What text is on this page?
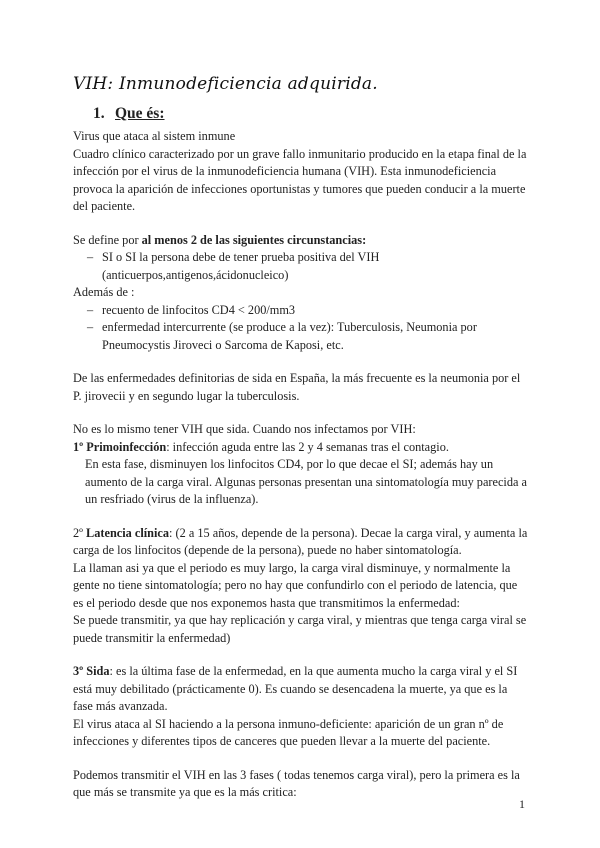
VIH: Inmunodeficiencia adquirida.
1. Que és:

Virus que ataca al sistem inmune

Cuadro clínico caracterizado por un grave fallo inmunitario producido en la etapa final de la infección por el virus de la inmunodeficiencia humana (VIH). Esta inmunodeficiencia provoca la aparición de infecciones oportunistas y tumores que pueden conducir a la muerte del paciente.

Se define por al menos 2 de las siguientes circunstancias:

– SI o SI la persona debe de tener prueba positiva del VIH (anticuerpos,antigenos,ácidonucleico)

Además de :

– recuento de linfocitos CD4 < 200/mm3

– enfermedad intercurrente (se produce a la vez): Tuberculosis, Neumonia por Pneumocystis Jiroveci o Sarcoma de Kaposi, etc.

De las enfermedades definitorias de sida en España, la más frecuente es la neumonia por el P. jirovecii y en segundo lugar la tuberculosis.

No es lo mismo tener VIH que sida. Cuando nos infectamos por VIH:

1º Primoinfección: infección aguda entre las 2 y 4 semanas tras el contagio.

En esta fase, disminuyen los linfocitos CD4, por lo que decae el SI; además hay un aumento de la carga viral. Algunas personas presentan una sintomatología muy parecida a un resfriado (virus de la influenza).

2º Latencia clínica: (2 a 15 años, depende de la persona). Decae la carga viral, y aumenta la carga de los linfocitos (depende de la persona), puede no haber sintomatología.

La llaman asi ya que el periodo es muy largo, la carga viral disminuye, y normalmente la gente no tiene sintomatología; pero no hay que confundirlo con el periodo de latencia, que es el periodo desde que nos exponemos hasta que transmitimos la enfermedad:

Se puede transmitir, ya que hay replicación y carga viral, y mientras que tenga carga viral se puede transmitir la enfermedad)

3º Sida: es la última fase de la enfermedad, en la que aumenta mucho la carga viral y el SI está muy debilitado (prácticamente 0). Es cuando se desencadena la muerte, ya que es la fase más avanzada.

El virus ataca al SI haciendo a la persona inmuno-deficiente: aparición de un gran nº de infecciones y diferentes tipos de canceres que pueden llevar a la muerte del paciente.

Podemos transmitir el VIH en las 3 fases ( todas tenemos carga viral), pero la primera es la que más se transmite ya que es la más critica:

1
